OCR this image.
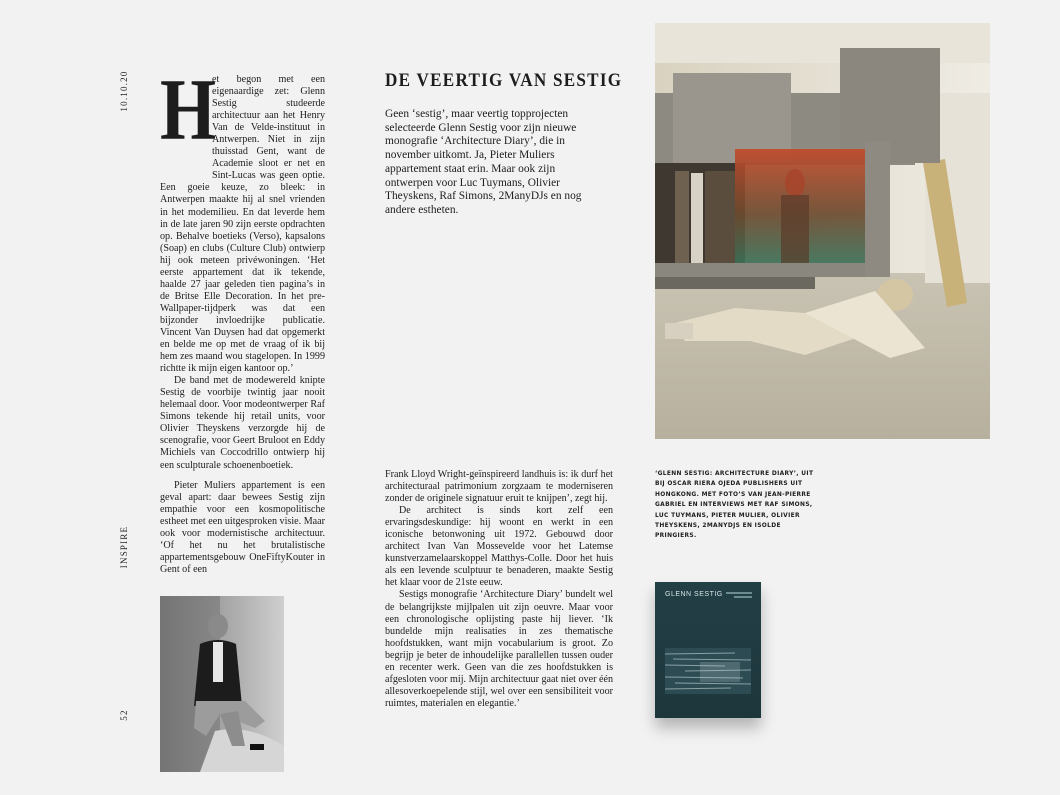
10.10.20
INSPIRE
52

H
et begon met een eigenaardige zet: Glenn Sestig studeerde architectuur aan het Henry Van de Velde-instituut in Antwerpen. Niet in zijn thuisstad Gent, want de Academie sloot er net en Sint-Lucas was geen optie. Een goeie keuze, zo bleek: in Antwerpen maakte hij al snel vrienden in het modemilieu. En dat leverde hem in de late jaren 90 zijn eerste opdrachten op. Behalve boetieks (Verso), kapsalons (Soap) en clubs (Culture Club) ontwierp hij ook meteen privéwoningen. ‘Het eerste appartement dat ik tekende, haalde 27 jaar geleden tien pagina’s in de Britse Elle Decoration. In het pre-Wallpaper-tijdperk was dat een bijzonder invloedrijke publicatie. Vincent Van Duysen had dat opgemerkt en belde me op met de vraag of ik bij hem zes maand wou stagelopen. In 1999 richtte ik mijn eigen kantoor op.’

De band met de modewereld knipte Sestig de voorbije twintig jaar nooit helemaal door. Voor modeontwerper Raf Simons tekende hij retail units, voor Olivier Theyskens verzorgde hij de scenografie, voor Geert Bruloot en Eddy Michiels van Coccodrillo ontwierp hij een sculpturale schoenenboetiek.

Pieter Muliers appartement is een geval apart: daar bewees Sestig zijn empathie voor een kosmopolitische estheet met een uitgesproken visie. Maar ook voor modernistische architectuur. ‘Of het nu het brutalistische appartementsgebouw OneFiftyKouter in Gent of een

DE VEERTIG VAN SESTIG
Geen ‘sestig’, maar veertig topprojecten selecteerde Glenn Sestig voor zijn nieuwe monografie ‘Architecture Diary’, die in november uitkomt. Ja, Pieter Muliers appartement staat erin. Maar ook zijn ontwerpen voor Luc Tuymans, Olivier Theyskens, Raf Simons, 2ManyDJs en nog andere estheten.

Frank Lloyd Wright-geïnspireerd landhuis is: ik durf het architecturaal patrimonium zorgzaam te moderniseren zonder de originele signatuur eruit te knijpen’, zegt hij.

De architect is sinds kort zelf een ervaringsdeskundige: hij woont en werkt in een iconische betonwoning uit 1972. Gebouwd door architect Ivan Van Mossevelde voor het Latemse kunstverzamelaarskoppel Matthys-Colle. Door het huis als een levende sculptuur te benaderen, maakte Sestig het klaar voor de 21ste eeuw.

Sestigs monografie ‘Architecture Diary’ bundelt wel de belangrijkste mijlpalen uit zijn oeuvre. Maar voor een chronologische oplijsting paste hij liever. ‘Ik bundelde mijn realisaties in zes thematische hoofdstukken, want mijn vocabularium is groot. Zo begrijp je beter de inhoudelijke parallellen tussen ouder en recenter werk. Geen van die zes hoofdstukken is afgesloten voor mij. Mijn architectuur gaat niet over één allesoverkoepelende stijl, wel over een sensibiliteit voor ruimtes, materialen en elegantie.’

‘GLENN SESTIG: ARCHITECTURE DIARY’, UIT BIJ OSCAR RIERA OJEDA PUBLISHERS UIT HONGKONG. MET FOTO’S VAN JEAN-PIERRE GABRIEL EN INTERVIEWS MET RAF SIMONS, LUC TUYMANS, PIETER MULIER, OLIVIER THEYSKENS, 2MANYDJS EN ISOLDE PRINGIERS.
GLENN SESTIG
